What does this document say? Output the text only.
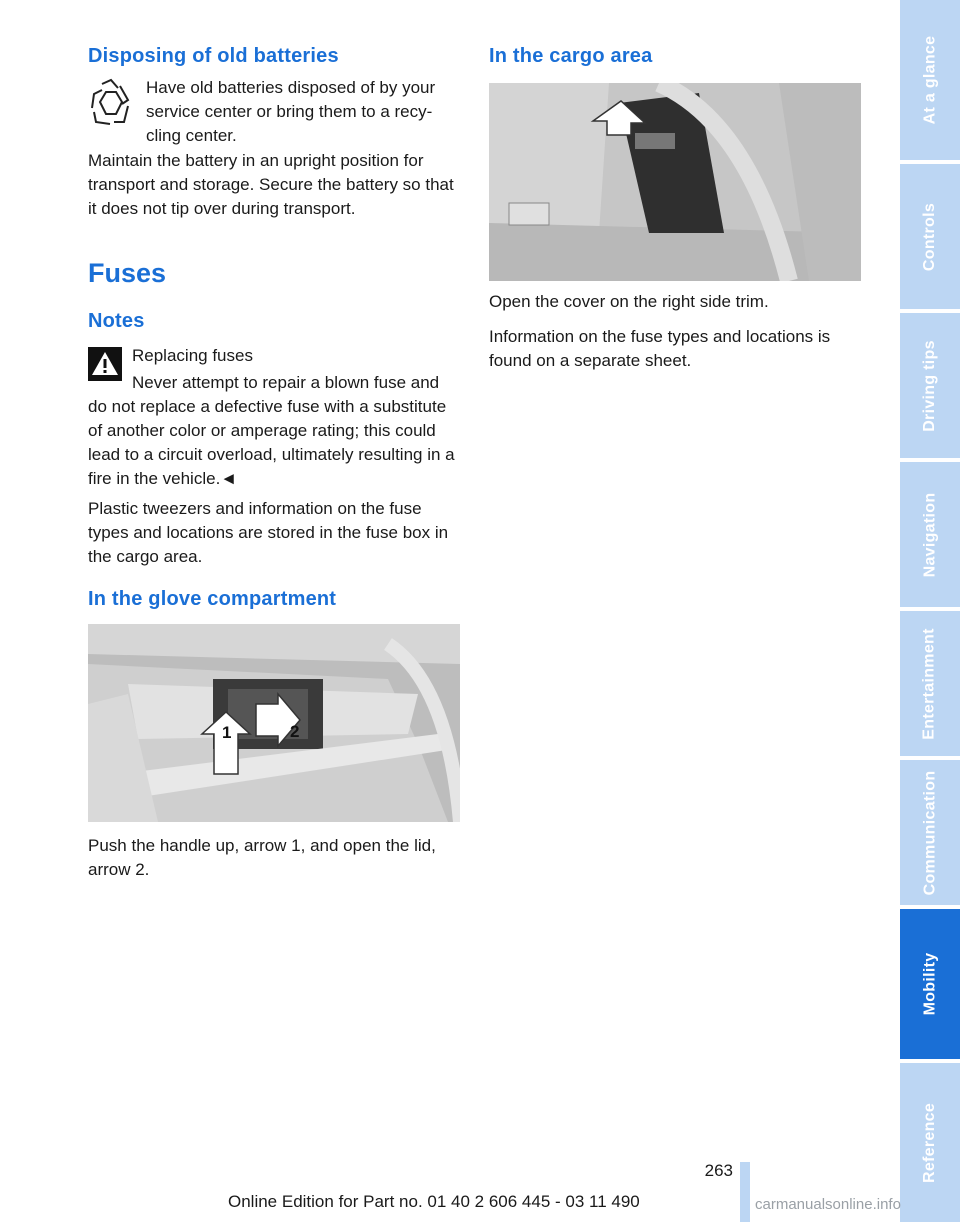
Disposing of old batteries

Have old batteries disposed of by your
service center or bring them to a recy-
cling center.

Maintain the battery in an upright position for transport and storage. Secure the battery so that it does not tip over during transport.

Fuses
Notes

Replacing fuses

Never attempt to repair a blown fuse and

do not replace a defective fuse with a substitute of another color or amperage rating; this could lead to a circuit overload, ultimately resulting in a fire in the vehicle.◄

Plastic tweezers and information on the fuse types and locations are stored in the fuse box in the cargo area.

In the glove compartment
1	2

Push the handle up, arrow 1, and open the lid, arrow 2.

In the cargo area

Open the cover on the right side trim.

Information on the fuse types and locations is found on a separate sheet.

At a glance
Controls
Driving tips
Navigation
Entertainment
Communication
Mobility
Reference
263
Online Edition for Part no. 01 40 2 606 445 - 03 11 490	carmanualsonline.info
